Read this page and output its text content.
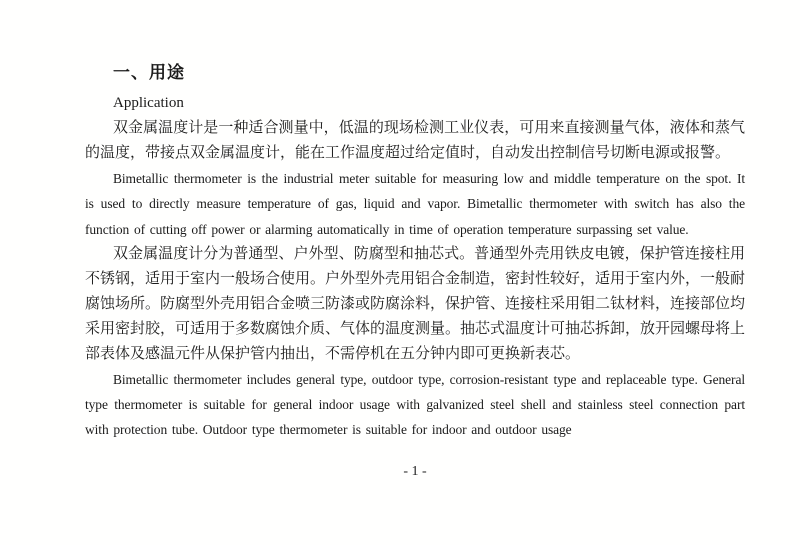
一、用途
Application

双金属温度计是一种适合测量中，低温的现场检测工业仪表，可用来直接测量气体，液体和蒸气的温度，带接点双金属温度计，能在工作温度超过给定值时，自动发出控制信号切断电源或报警。

Bimetallic thermometer is the industrial meter suitable for measuring low and middle temperature on the spot. It is used to directly measure temperature of gas, liquid and vapor. Bimetallic thermometer with switch has also the function of cutting off power or alarming automatically in time of operation temperature surpassing set value.

双金属温度计分为普通型、户外型、防腐型和抽芯式。普通型外壳用铁皮电镀，保护管连接柱用不锈钢，适用于室内一般场合使用。户外型外壳用铝合金制造，密封性较好，适用于室内外，一般耐腐蚀场所。防腐型外壳用铝合金喷三防漆或防腐涂料，保护管、连接柱采用钼二钛材料，连接部位均采用密封胶，可适用于多数腐蚀介质、气体的温度测量。抽芯式温度计可抽芯拆卸，放开园螺母将上部表体及感温元件从保护管内抽出，不需停机在五分钟内即可更换新表芯。

Bimetallic thermometer includes general type, outdoor type, corrosion-resistant type and replaceable type. General type thermometer is suitable for general indoor usage with galvanized steel shell and stainless steel connection part with protection tube. Outdoor type thermometer is suitable for indoor and outdoor usage

- 1 -
